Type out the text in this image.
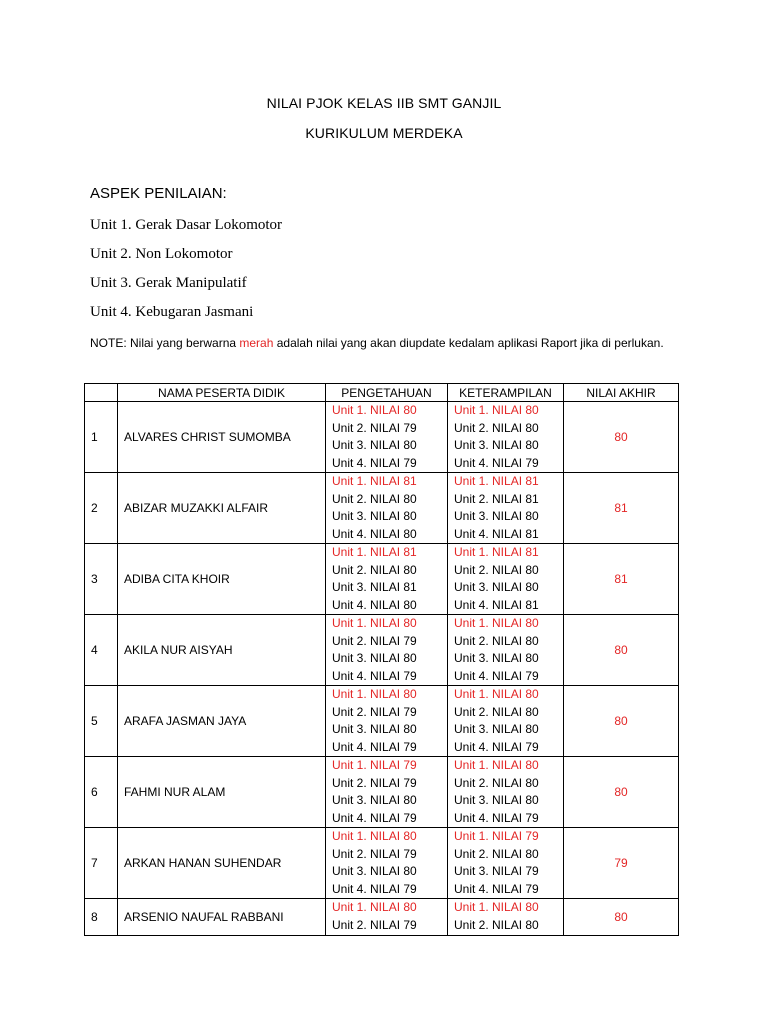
NILAI PJOK KELAS IIB SMT GANJIL
KURIKULUM MERDEKA
ASPEK PENILAIAN:
Unit 1. Gerak Dasar Lokomotor
Unit 2. Non Lokomotor
Unit 3. Gerak Manipulatif
Unit 4. Kebugaran Jasmani
NOTE: Nilai yang berwarna merah adalah nilai yang akan diupdate kedalam aplikasi Raport jika di perlukan.
	NAMA PESERTA DIDIK	PENGETAHUAN	KETERAMPILAN	NILAI AKHIR
1	ALVARES CHRIST SUMOMBA	Unit 1. NILAI 80
Unit 2. NILAI 79
Unit 3. NILAI 80
Unit 4. NILAI 79	Unit 1. NILAI 80
Unit 2. NILAI 80
Unit 3. NILAI 80
Unit 4. NILAI 79	80
2	ABIZAR MUZAKKI ALFAIR	Unit 1. NILAI 81
Unit 2. NILAI 80
Unit 3. NILAI 80
Unit 4. NILAI 80	Unit 1. NILAI 81
Unit 2. NILAI 81
Unit 3. NILAI 80
Unit 4. NILAI 81	81
3	ADIBA CITA KHOIR	Unit 1. NILAI 81
Unit 2. NILAI 80
Unit 3. NILAI 81
Unit 4. NILAI 80	Unit 1. NILAI 81
Unit 2. NILAI 80
Unit 3. NILAI 80
Unit 4. NILAI 81	81
4	AKILA NUR AISYAH	Unit 1. NILAI 80
Unit 2. NILAI 79
Unit 3. NILAI 80
Unit 4. NILAI 79	Unit 1. NILAI 80
Unit 2. NILAI 80
Unit 3. NILAI 80
Unit 4. NILAI 79	80
5	ARAFA JASMAN JAYA	Unit 1. NILAI 80
Unit 2. NILAI 79
Unit 3. NILAI 80
Unit 4. NILAI 79	Unit 1. NILAI 80
Unit 2. NILAI 80
Unit 3. NILAI 80
Unit 4. NILAI 79	80
6	FAHMI NUR ALAM	Unit 1. NILAI 79
Unit 2. NILAI 79
Unit 3. NILAI 80
Unit 4. NILAI 79	Unit 1. NILAI 80
Unit 2. NILAI 80
Unit 3. NILAI 80
Unit 4. NILAI 79	80
7	ARKAN HANAN SUHENDAR	Unit 1. NILAI 80
Unit 2. NILAI 79
Unit 3. NILAI 80
Unit 4. NILAI 79	Unit 1. NILAI 79
Unit 2. NILAI 80
Unit 3. NILAI 79
Unit 4. NILAI 79	79
8	ARSENIO NAUFAL RABBANI	Unit 1. NILAI 80
Unit 2. NILAI 79	Unit 1. NILAI 80
Unit 2. NILAI 80	80
